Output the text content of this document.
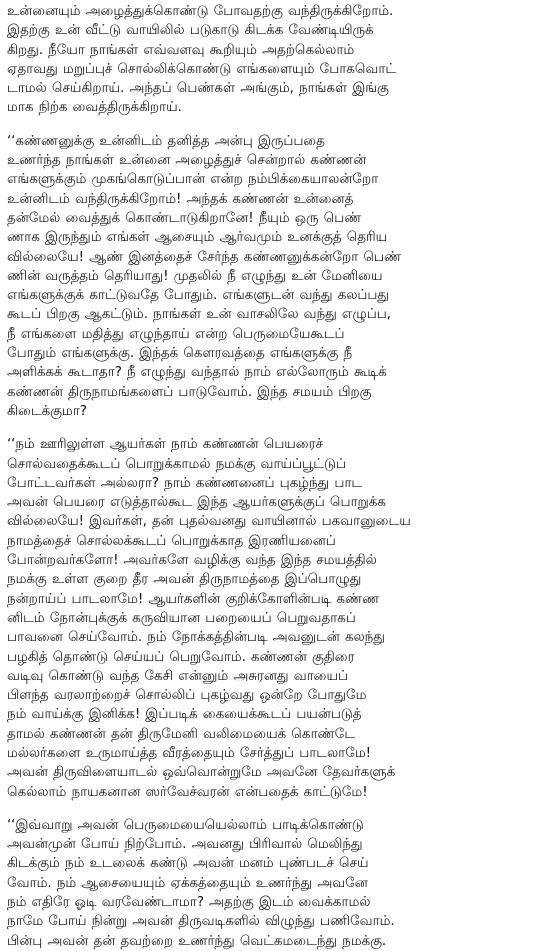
உன்னையும் அழைத்துக்கொண்டு போவதற்கு வந்திருக்கிறோம்.
இதற்கு உன் வீட்டு வாயிலில் படுகாடு கிடக்க வேண்டியிருக்
கிறது. நீயோ நாங்கள் எவ்வளவு கூறியும் அதற்கெல்லாம்
ஏதாவது மறுப்புச் சொல்லிக்கொண்டு எங்களையும் போகவொட்
டாமல் செய்கிறாய். அந்தப் பெண்கள் அங்கும், நாங்கள் இங்கு
மாக நிற்க வைத்திருக்கிறாய்.
‘‘கண்ணனுக்கு உன்னிடம் தனித்த அன்பு இருப்பதை
உணர்ந்த நாங்கள் உன்னை அழைத்துச் சென்றால் கண்ணன்
எங்களுக்கும் முகங்கொடுப்பான் என்ற நம்பிக்கையாலன்றோ
உன்னிடம் வந்திருக்கிறோம்! அந்தக் கண்ணன் உன்னைத்
தன்மேல் வைத்துக் கொண்டாடுகிறானே! நீயும் ஒரு பெண்
ணாக இருந்தும் எங்கள் ஆசையும் ஆர்வமும் உனக்குத் தெரிய
வில்லையே! ஆண் இனத்தைச் சேர்ந்த கண்ணனுக்கன்றோ பெண்
ணின் வருத்தம் தெரியாது! முதலில் நீ எழுந்து உன் மேனியை
எங்களுக்குக் காட்டுவதே போதும். எங்களுடன் வந்து கலப்பது
கூடப் பிறகு ஆகட்டும். நாங்கள் உன் வாசலிலே வந்து எழுப்ப,
நீ எங்களை மதித்து எழுந்தாய் என்ற பெருமையேகூடப்
போதும் எங்களுக்கு. இந்தக் கௌரவத்தை எங்களுக்கு நீ
அளிக்கக் கூடாதா? நீ எழுந்து வந்தால் நாம் எல்லோரும் கூடிக்
கண்ணன் திருநாமங்களைப் பாடுவோம். இந்த சமயம் பிறகு
கிடைக்குமா?
‘‘நம் ஊரிலுள்ள ஆயர்கள் நாம் கண்ணன் பெயரைச்
சொல்வதைக்கூடப் பொறுக்காமல் நமக்கு வாய்ப்பூட்டுப்
போட்டவர்கள் அல்லரா? நாம் கண்ணனைப் புகழ்ந்து பாட
அவன் பெயரை எடுத்தால்கூட இந்த ஆயர்களுக்குப் பொறுக்க
வில்லையே! இவர்கள், தன் புதல்வனது வாயினால் பகவானுடைய
நாமத்தைச் சொல்லக்கூடப் பொறுக்காத இரணியனைப்
போன்றவர்களோ! அவர்களே வழிக்கு வந்த இந்த சமயத்தில்
நமக்கு உள்ள குறை தீர அவன் திருநாமத்தை இப்பொழுது
நன்றாய்ப் பாடலாமே! ஆயர்களின் குறிக்கோளின்படி கண்ண
னிடம் நோன்புக்குக் கருவியான பறையைப் பெறுவதாகப்
பாவனை செய்வோம். நம் நோக்கத்தின்படி அவனுடன் கலந்து
பழகித் தொண்டு செய்யப் பெறுவோம். கண்ணன் குதிரை
வடிவு கொண்டு வந்த கேசி என்னும் அசுரனது வாயைப்
பிளந்த வரலாற்றைச் சொல்லிப் புகழ்வது ஒன்றே போதுமே
நம் வாய்க்கு இனிக்க! இப்படிக் கையைக்கூடப் பயன்படுத்
தாமல் கண்ணன் தன் திருமேனி வலிமையைக் கொண்டே
மல்லர்களை உருமாய்த்த வீரத்தையும் சேர்த்துப் பாடலாமே!
அவன் திருவிளையாடல் ஒவ்வொன்றுமே அவனே தேவர்களுக்
கெல்லாம் நாயகனான ஸர்வேச்வரன் என்பதைக் காட்டுமே!
‘‘இவ்வாறு அவன் பெருமையையெல்லாம் பாடிக்கொண்டு
அவன்முன் போய் நிற்போம். அவனது பிரிவால் மெலிந்து
கிடக்கும் நம் உடலைக் கண்டு அவன் மனம் புண்படச் செய்
வோம். நம் ஆசையையும் ஏக்கத்தையும் உணர்ந்து அவனே
நம் எதிரே ஓடி வரவேண்டாமா? அதற்கு இடம் வைக்காமல்
நாமே போய் நின்று அவன் திருவடிகளில் விழுந்து பணிவோம்.
பின்பு அவன் தன் தவற்றை உணர்ந்து வெட்கமடைந்து நமக்கு.
